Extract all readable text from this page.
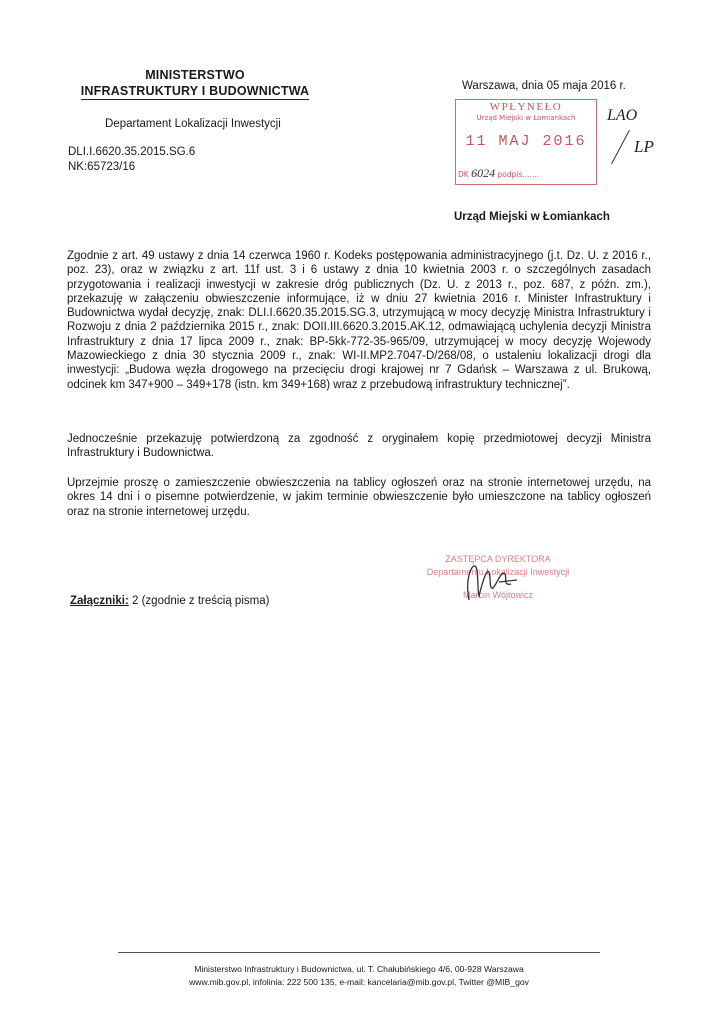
MINISTERSTWO
INFRASTRUKTURY I BUDOWNICTWA
Departament Lokalizacji Inwestycji
DLI.I.6620.35.2015.SG.6
NK:65723/16
Warszawa, dnia 05 maja 2016 r.
WPŁYNEŁO
Urząd Miejski w Łomiankach
11 MAJ 2016
DK 6024 podpis.......
LAO
LP
Urząd Miejski w Łomiankach
Zgodnie z art. 49 ustawy z dnia 14 czerwca 1960 r. Kodeks postępowania administracyjnego (j.t. Dz. U. z 2016 r., poz. 23), oraz w związku z art. 11f ust. 3 i 6 ustawy z dnia 10 kwietnia 2003 r. o szczególnych zasadach przygotowania i realizacji inwestycji w zakresie dróg publicznych (Dz. U. z 2013 r., poz. 687, z późn. zm.), przekazuję w załączeniu obwieszczenie informujące, iż w dniu 27 kwietnia 2016 r. Minister Infrastruktury i Budownictwa wydał decyzję, znak: DLI.I.6620.35.2015.SG.3, utrzymującą w mocy decyzję Ministra Infrastruktury i Rozwoju z dnia 2 października 2015 r., znak: DOII.III.6620.3.2015.AK.12, odmawiającą uchylenia decyzji Ministra Infrastruktury z dnia 17 lipca 2009 r., znak: BP-5kk-772-35-965/09, utrzymującej w mocy decyzję Wojewody Mazowieckiego z dnia 30 stycznia 2009 r., znak: WI-II.MP2.7047-D/268/08, o ustaleniu lokalizacji drogi dla inwestycji: „Budowa węzła drogowego na przecięciu drogi krajowej nr 7 Gdańsk – Warszawa z ul. Brukową, odcinek km 347+900 – 349+178 (istn. km 349+168) wraz z przebudową infrastruktury technicznej”.
Jednocześnie przekazuję potwierdzoną za zgodność z oryginałem kopię przedmiotowej decyzji Ministra Infrastruktury i Budownictwa.
Uprzejmie proszę o zamieszczenie obwieszczenia na tablicy ogłoszeń oraz na stronie internetowej urzędu, na okres 14 dni i o pisemne potwierdzenie, w jakim terminie obwieszczenie było umieszczone na tablicy ogłoszeń oraz na stronie internetowej urzędu.
Załączniki: 2 (zgodnie z treścią pisma)
ZASTĘPCA DYREKTORA
Departamentu Lokalizacji Inwestycji
Marcin Wójtowicz
Ministerstwo Infrastruktury i Budownictwa, ul. T. Chałubińskiego 4/6, 00-928 Warszawa
www.mib.gov.pl, infolinia: 222 500 135, e-mail: kancelaria@mib.gov.pl, Twitter @MIB_gov
